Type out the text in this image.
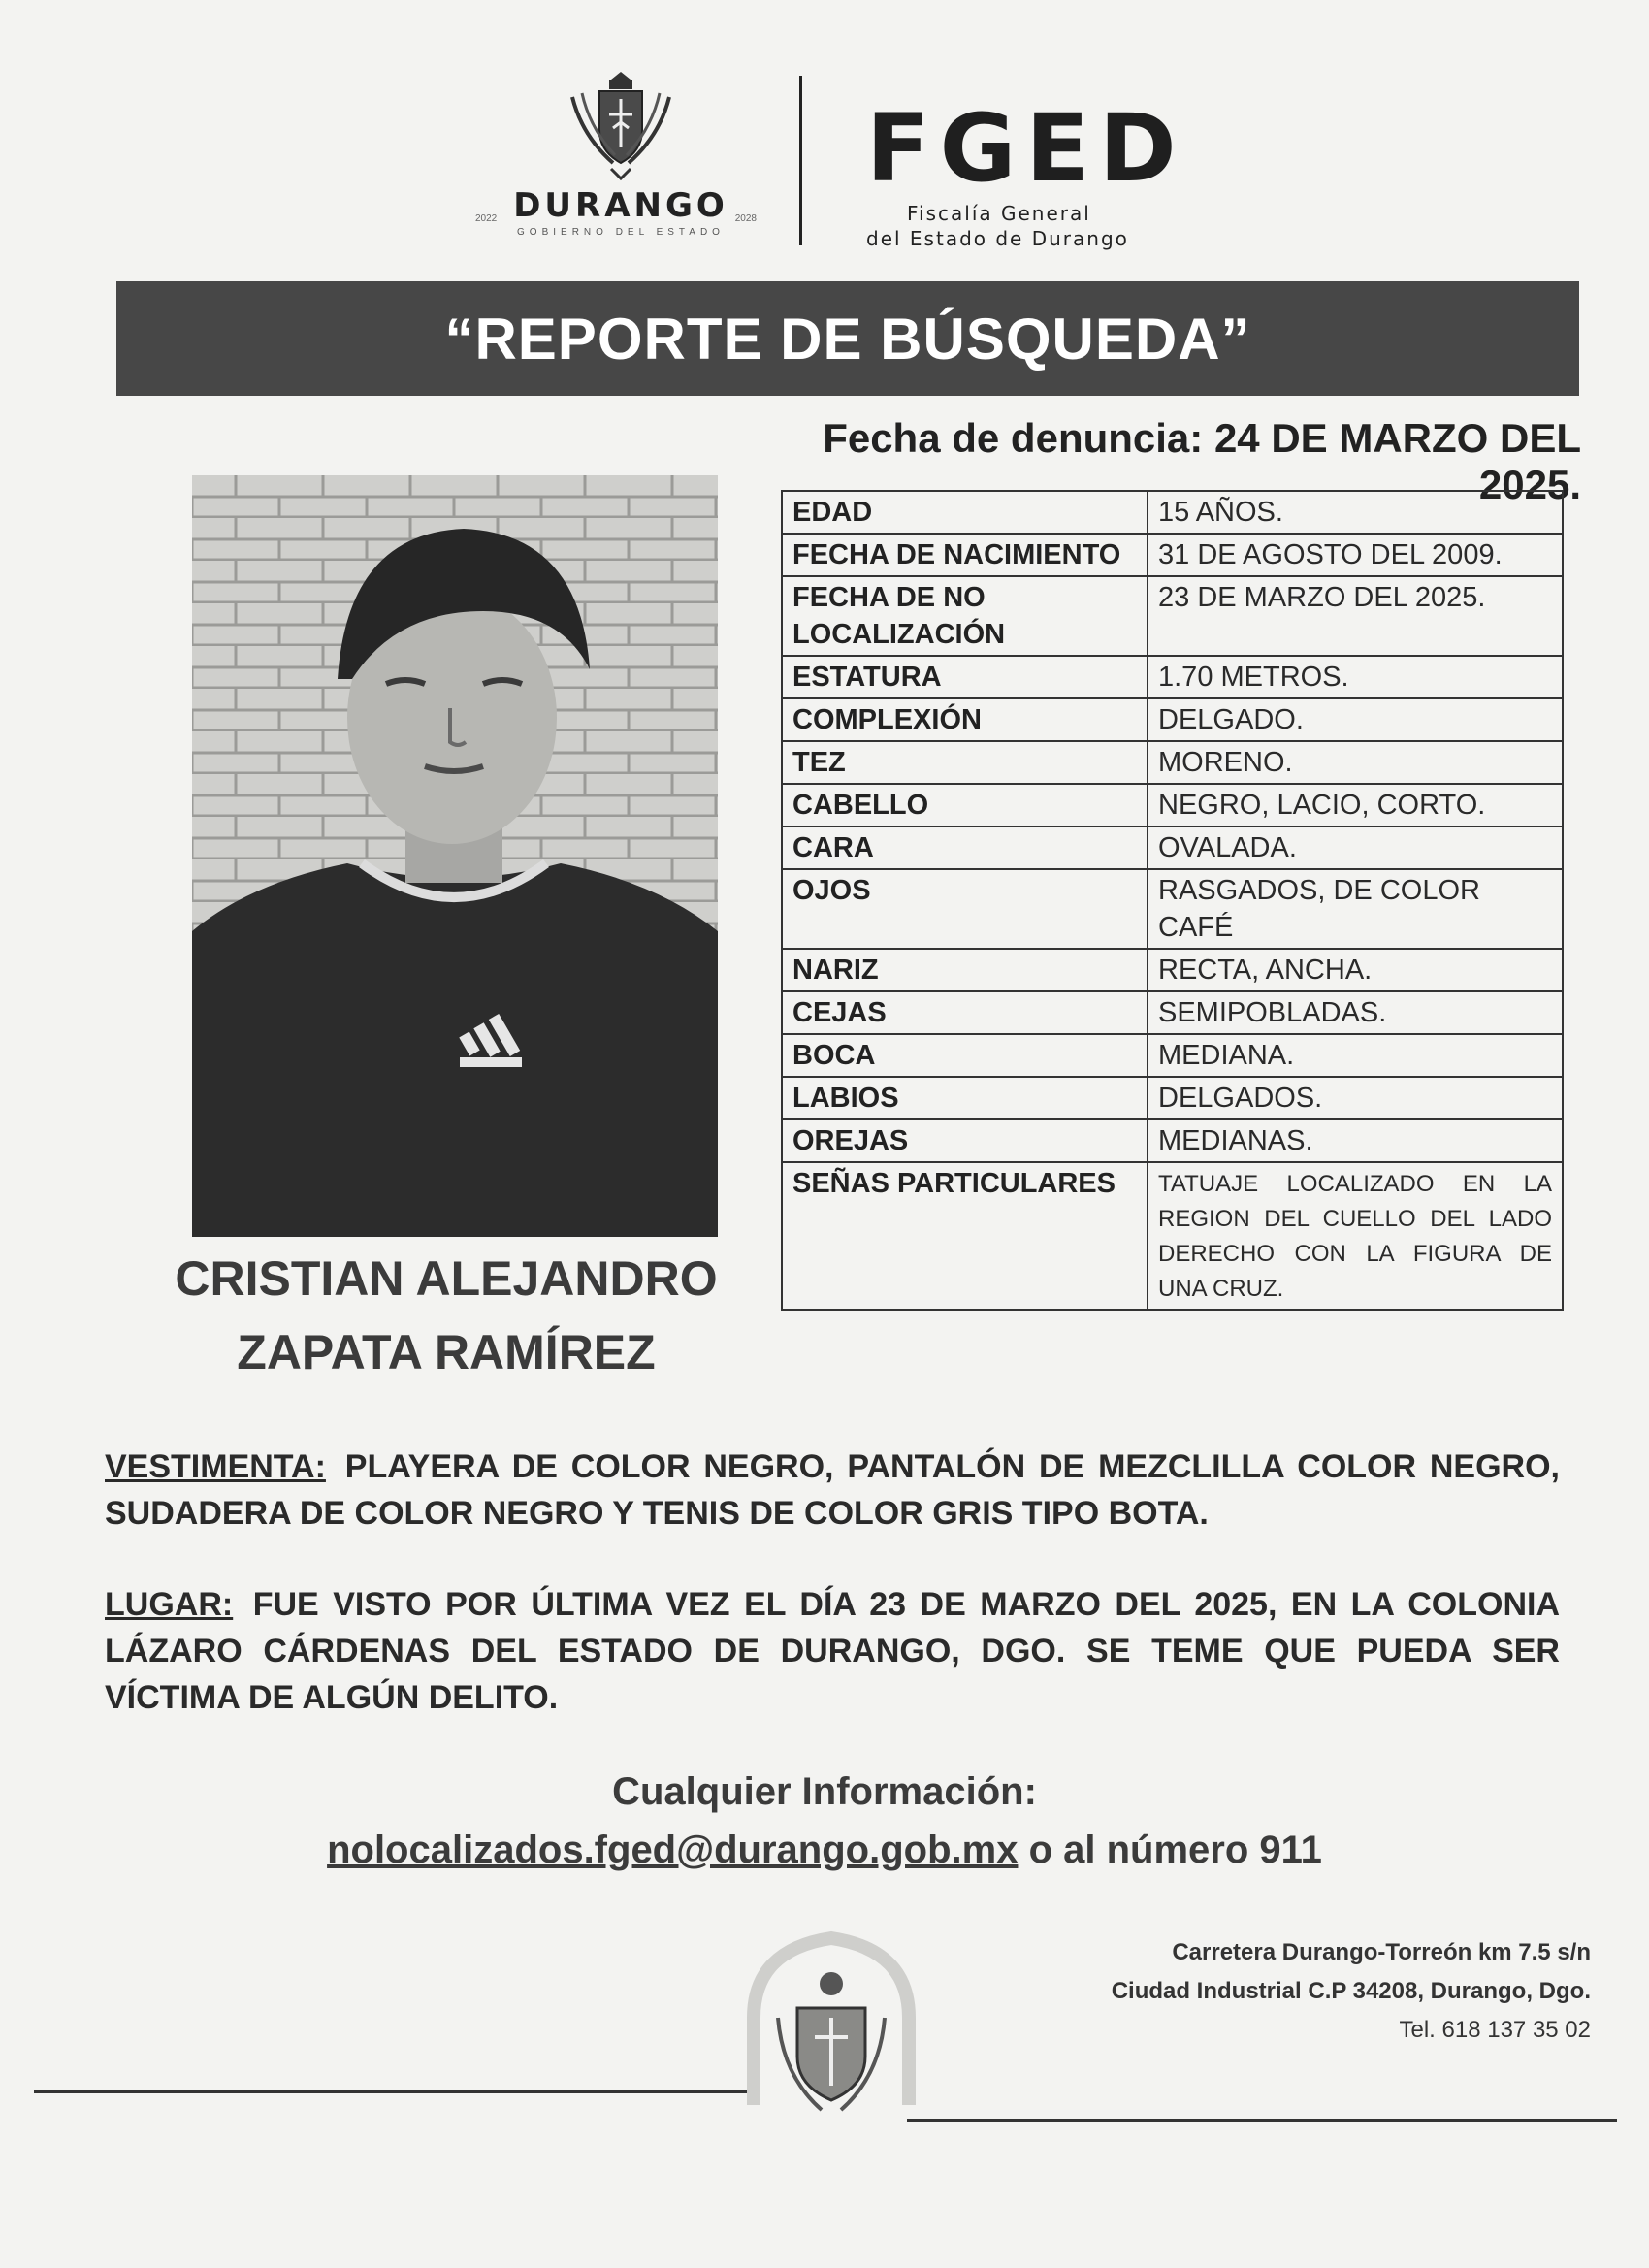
DURANGO
GOBIERNO DEL ESTADO
2022	2028
FGED
Fiscalía General
del Estado de Durango
“REPORTE DE BÚSQUEDA”
Fecha de denuncia: 24 DE MARZO DEL 2025.
CRISTIAN ALEJANDRO
ZAPATA RAMÍREZ
EDAD	15 AÑOS.
FECHA DE NACIMIENTO	31 DE AGOSTO DEL 2009.
FECHA DE NO LOCALIZACIÓN	23 DE MARZO DEL 2025.
ESTATURA	1.70 METROS.
COMPLEXIÓN	DELGADO.
TEZ	MORENO.
CABELLO	NEGRO, LACIO, CORTO.
CARA	OVALADA.
OJOS	RASGADOS, DE COLOR CAFÉ
NARIZ	RECTA, ANCHA.
CEJAS	SEMIPOBLADAS.
BOCA	MEDIANA.
LABIOS	DELGADOS.
OREJAS	MEDIANAS.
SEÑAS PARTICULARES	TATUAJE LOCALIZADO EN LA REGION DEL CUELLO DEL LADO DERECHO CON LA FIGURA DE UNA CRUZ.
VESTIMENTA: PLAYERA DE COLOR NEGRO, PANTALÓN DE MEZCLILLA COLOR NEGRO, SUDADERA DE COLOR NEGRO Y TENIS DE COLOR GRIS TIPO BOTA.
LUGAR: FUE VISTO POR ÚLTIMA VEZ EL DÍA 23 DE MARZO DEL 2025, EN LA COLONIA LÁZARO CÁRDENAS DEL ESTADO DE DURANGO, DGO. SE TEME QUE PUEDA SER VÍCTIMA DE ALGÚN DELITO.
Cualquier Información:
nolocalizados.fged@durango.gob.mx o al número 911
Carretera Durango-Torreón km 7.5 s/n
Ciudad Industrial C.P 34208, Durango, Dgo.
Tel. 618 137 35 02
